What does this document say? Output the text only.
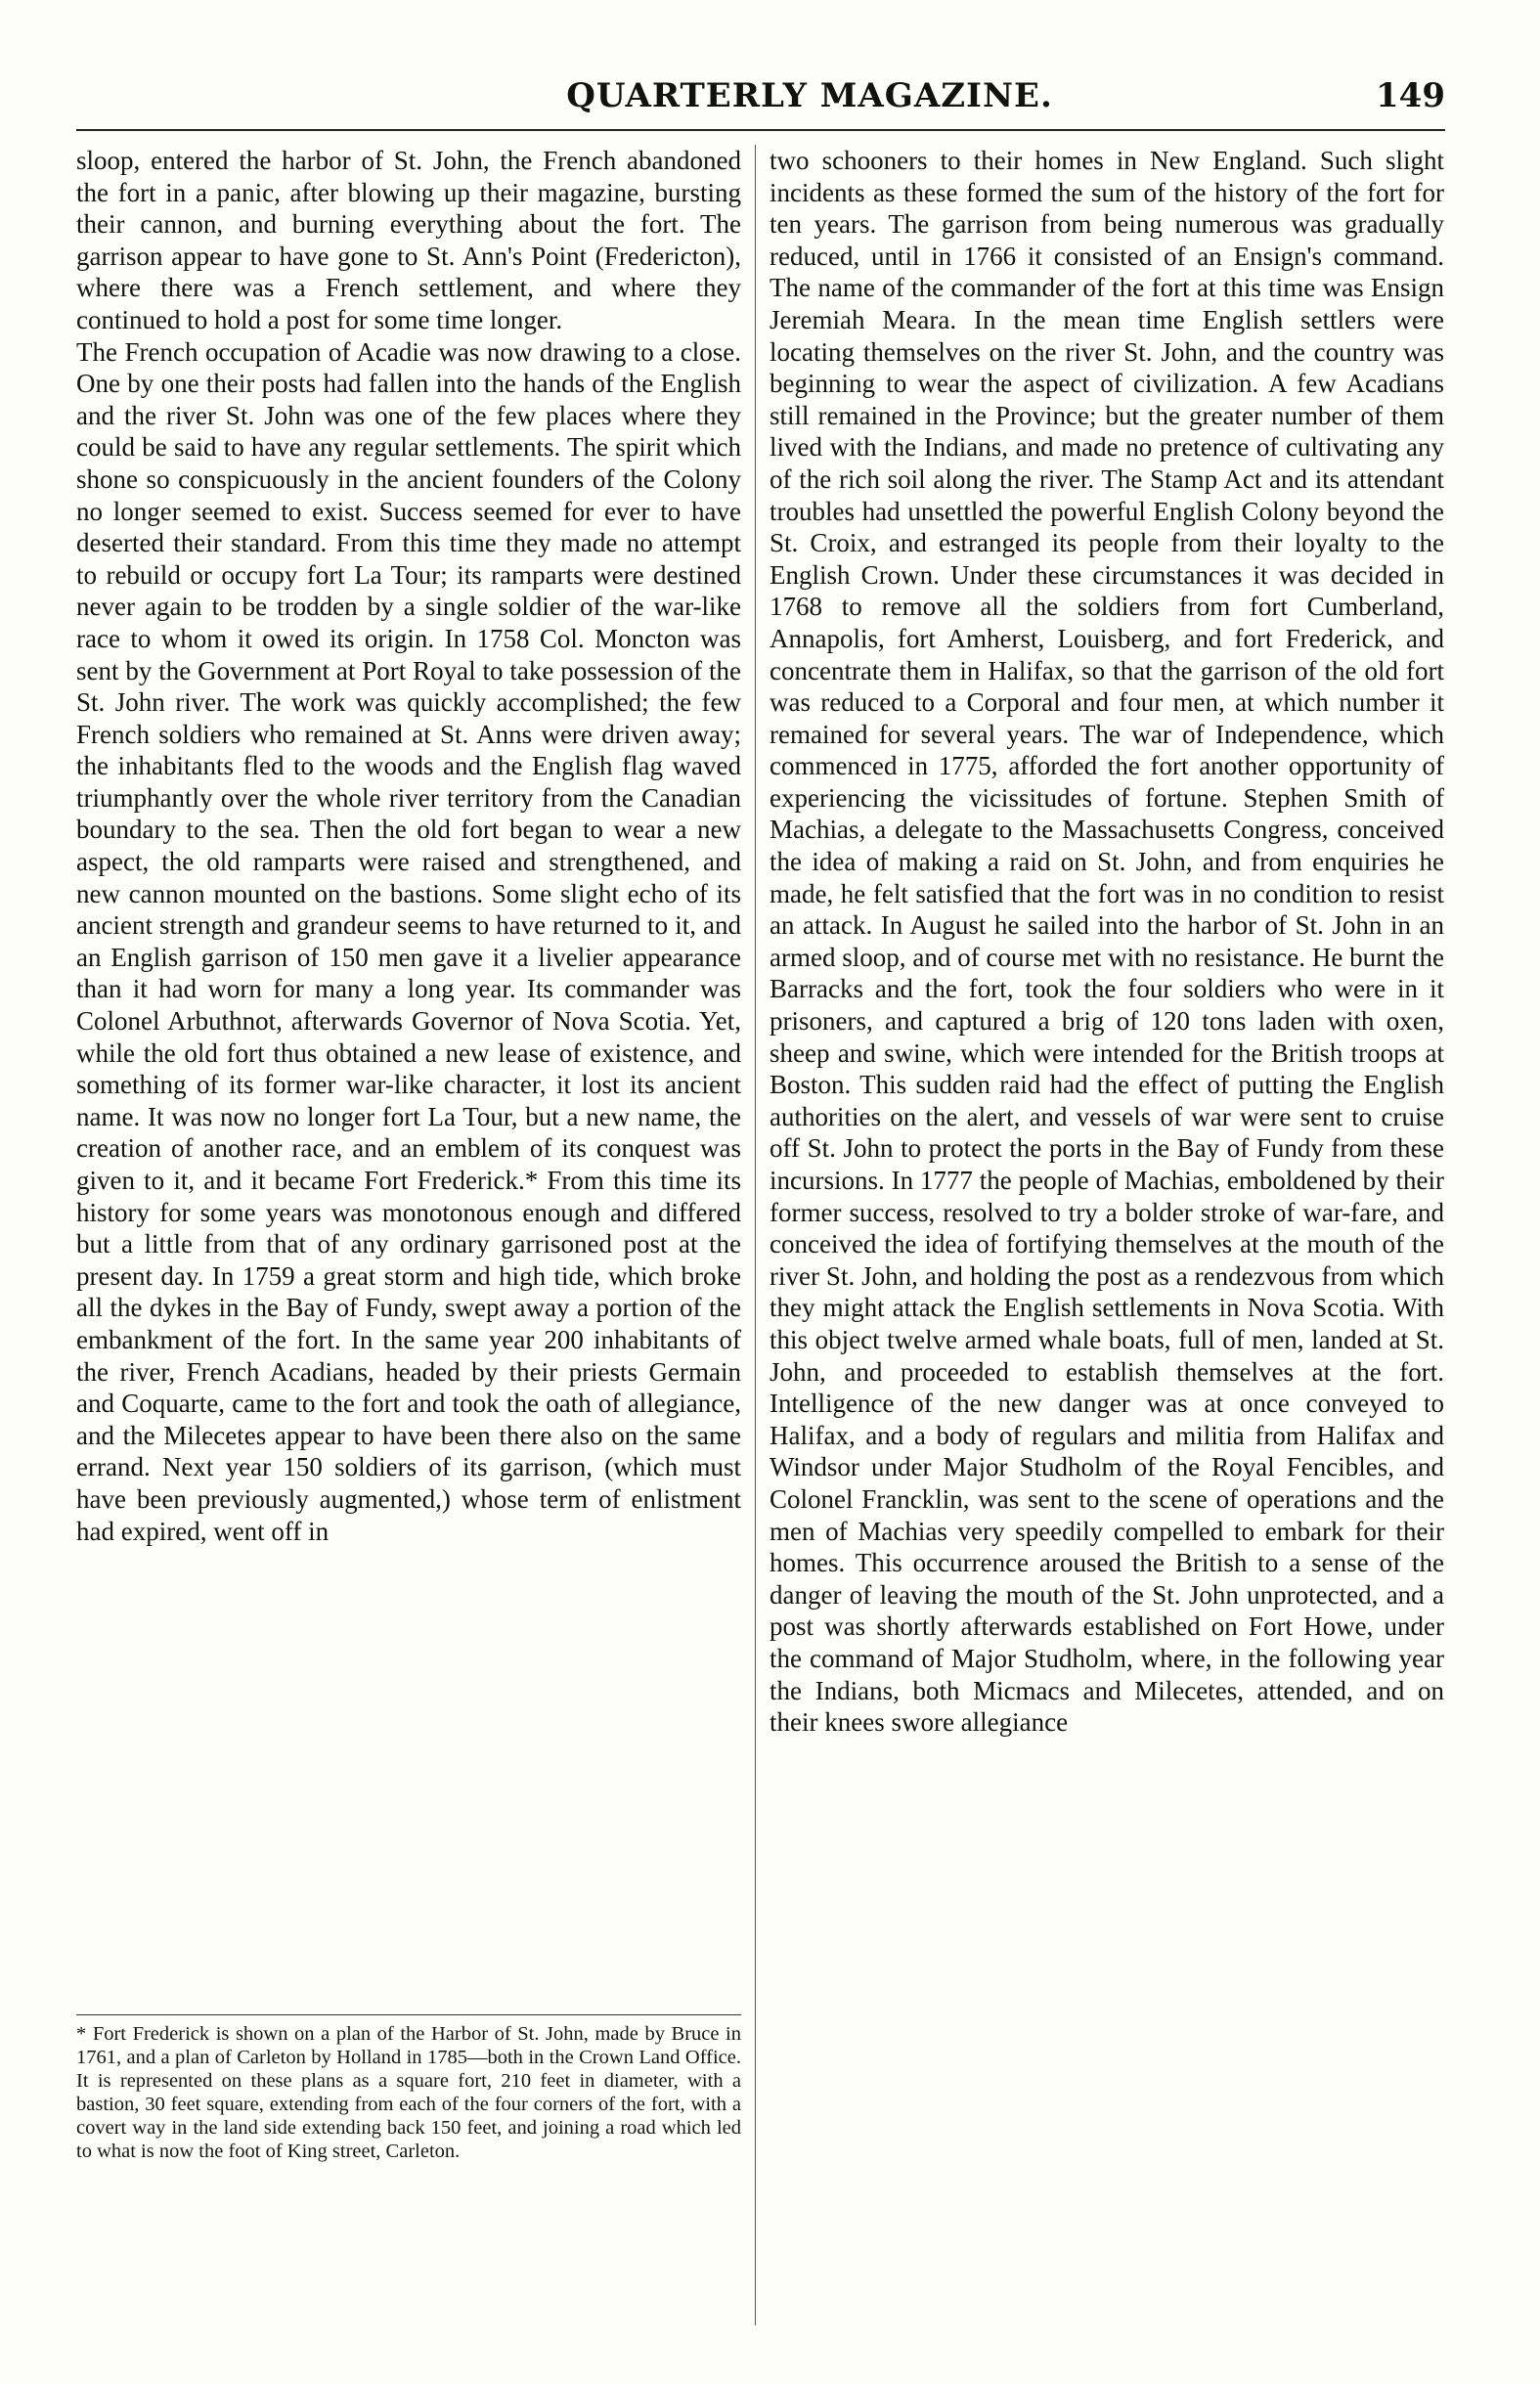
QUARTERLY MAGAZINE.	149

sloop, entered the harbor of St. John, the French abandoned the fort in a panic, after blowing up their magazine, bursting their cannon, and burning everything about the fort. The garrison appear to have gone to St. Ann's Point (Fredericton), where there was a French settlement, and where they continued to hold a post for some time longer.

The French occupation of Acadie was now drawing to a close. One by one their posts had fallen into the hands of the English and the river St. John was one of the few places where they could be said to have any regular settlements. The spirit which shone so conspicuously in the ancient founders of the Colony no longer seemed to exist. Success seemed for ever to have deserted their standard. From this time they made no attempt to rebuild or occupy fort La Tour; its ramparts were destined never again to be trodden by a single soldier of the war-like race to whom it owed its origin. In 1758 Col. Moncton was sent by the Government at Port Royal to take possession of the St. John river. The work was quickly accomplished; the few French soldiers who remained at St. Anns were driven away; the inhabitants fled to the woods and the English flag waved triumphantly over the whole river territory from the Canadian boundary to the sea. Then the old fort began to wear a new aspect, the old ramparts were raised and strengthened, and new cannon mounted on the bastions. Some slight echo of its ancient strength and grandeur seems to have returned to it, and an English garrison of 150 men gave it a livelier appearance than it had worn for many a long year. Its commander was Colonel Arbuthnot, afterwards Governor of Nova Scotia. Yet, while the old fort thus obtained a new lease of existence, and something of its former war-like character, it lost its ancient name. It was now no longer fort La Tour, but a new name, the creation of another race, and an emblem of its conquest was given to it, and it became Fort Frederick.* From this time its history for some years was monotonous enough and differed but a little from that of any ordinary garrisoned post at the present day. In 1759 a great storm and high tide, which broke all the dykes in the Bay of Fundy, swept away a portion of the embankment of the fort. In the same year 200 inhabitants of the river, French Acadians, headed by their priests Germain and Coquarte, came to the fort and took the oath of allegiance, and the Milecetes appear to have been there also on the same errand. Next year 150 soldiers of its garrison, (which must have been previously augmented,) whose term of enlistment had expired, went off in

* Fort Frederick is shown on a plan of the Harbor of St. John, made by Bruce in 1761, and a plan of Carleton by Holland in 1785—both in the Crown Land Office. It is represented on these plans as a square fort, 210 feet in diameter, with a bastion, 30 feet square, extending from each of the four corners of the fort, with a covert way in the land side extending back 150 feet, and joining a road which led to what is now the foot of King street, Carleton.

two schooners to their homes in New England. Such slight incidents as these formed the sum of the history of the fort for ten years. The garrison from being numerous was gradually reduced, until in 1766 it consisted of an Ensign's command. The name of the commander of the fort at this time was Ensign Jeremiah Meara. In the mean time English settlers were locating themselves on the river St. John, and the country was beginning to wear the aspect of civilization. A few Acadians still remained in the Province; but the greater number of them lived with the Indians, and made no pretence of cultivating any of the rich soil along the river. The Stamp Act and its attendant troubles had unsettled the powerful English Colony beyond the St. Croix, and estranged its people from their loyalty to the English Crown. Under these circumstances it was decided in 1768 to remove all the soldiers from fort Cumberland, Annapolis, fort Amherst, Louisberg, and fort Frederick, and concentrate them in Halifax, so that the garrison of the old fort was reduced to a Corporal and four men, at which number it remained for several years. The war of Independence, which commenced in 1775, afforded the fort another opportunity of experiencing the vicissitudes of fortune. Stephen Smith of Machias, a delegate to the Massachusetts Congress, conceived the idea of making a raid on St. John, and from enquiries he made, he felt satisfied that the fort was in no condition to resist an attack. In August he sailed into the harbor of St. John in an armed sloop, and of course met with no resistance. He burnt the Barracks and the fort, took the four soldiers who were in it prisoners, and captured a brig of 120 tons laden with oxen, sheep and swine, which were intended for the British troops at Boston. This sudden raid had the effect of putting the English authorities on the alert, and vessels of war were sent to cruise off St. John to protect the ports in the Bay of Fundy from these incursions. In 1777 the people of Machias, emboldened by their former success, resolved to try a bolder stroke of war-fare, and conceived the idea of fortifying themselves at the mouth of the river St. John, and holding the post as a rendezvous from which they might attack the English settlements in Nova Scotia. With this object twelve armed whale boats, full of men, landed at St. John, and proceeded to establish themselves at the fort. Intelligence of the new danger was at once conveyed to Halifax, and a body of regulars and militia from Halifax and Windsor under Major Studholm of the Royal Fencibles, and Colonel Francklin, was sent to the scene of operations and the men of Machias very speedily compelled to embark for their homes. This occurrence aroused the British to a sense of the danger of leaving the mouth of the St. John unprotected, and a post was shortly afterwards established on Fort Howe, under the command of Major Studholm, where, in the following year the Indians, both Micmacs and Milecetes, attended, and on their knees swore allegiance
